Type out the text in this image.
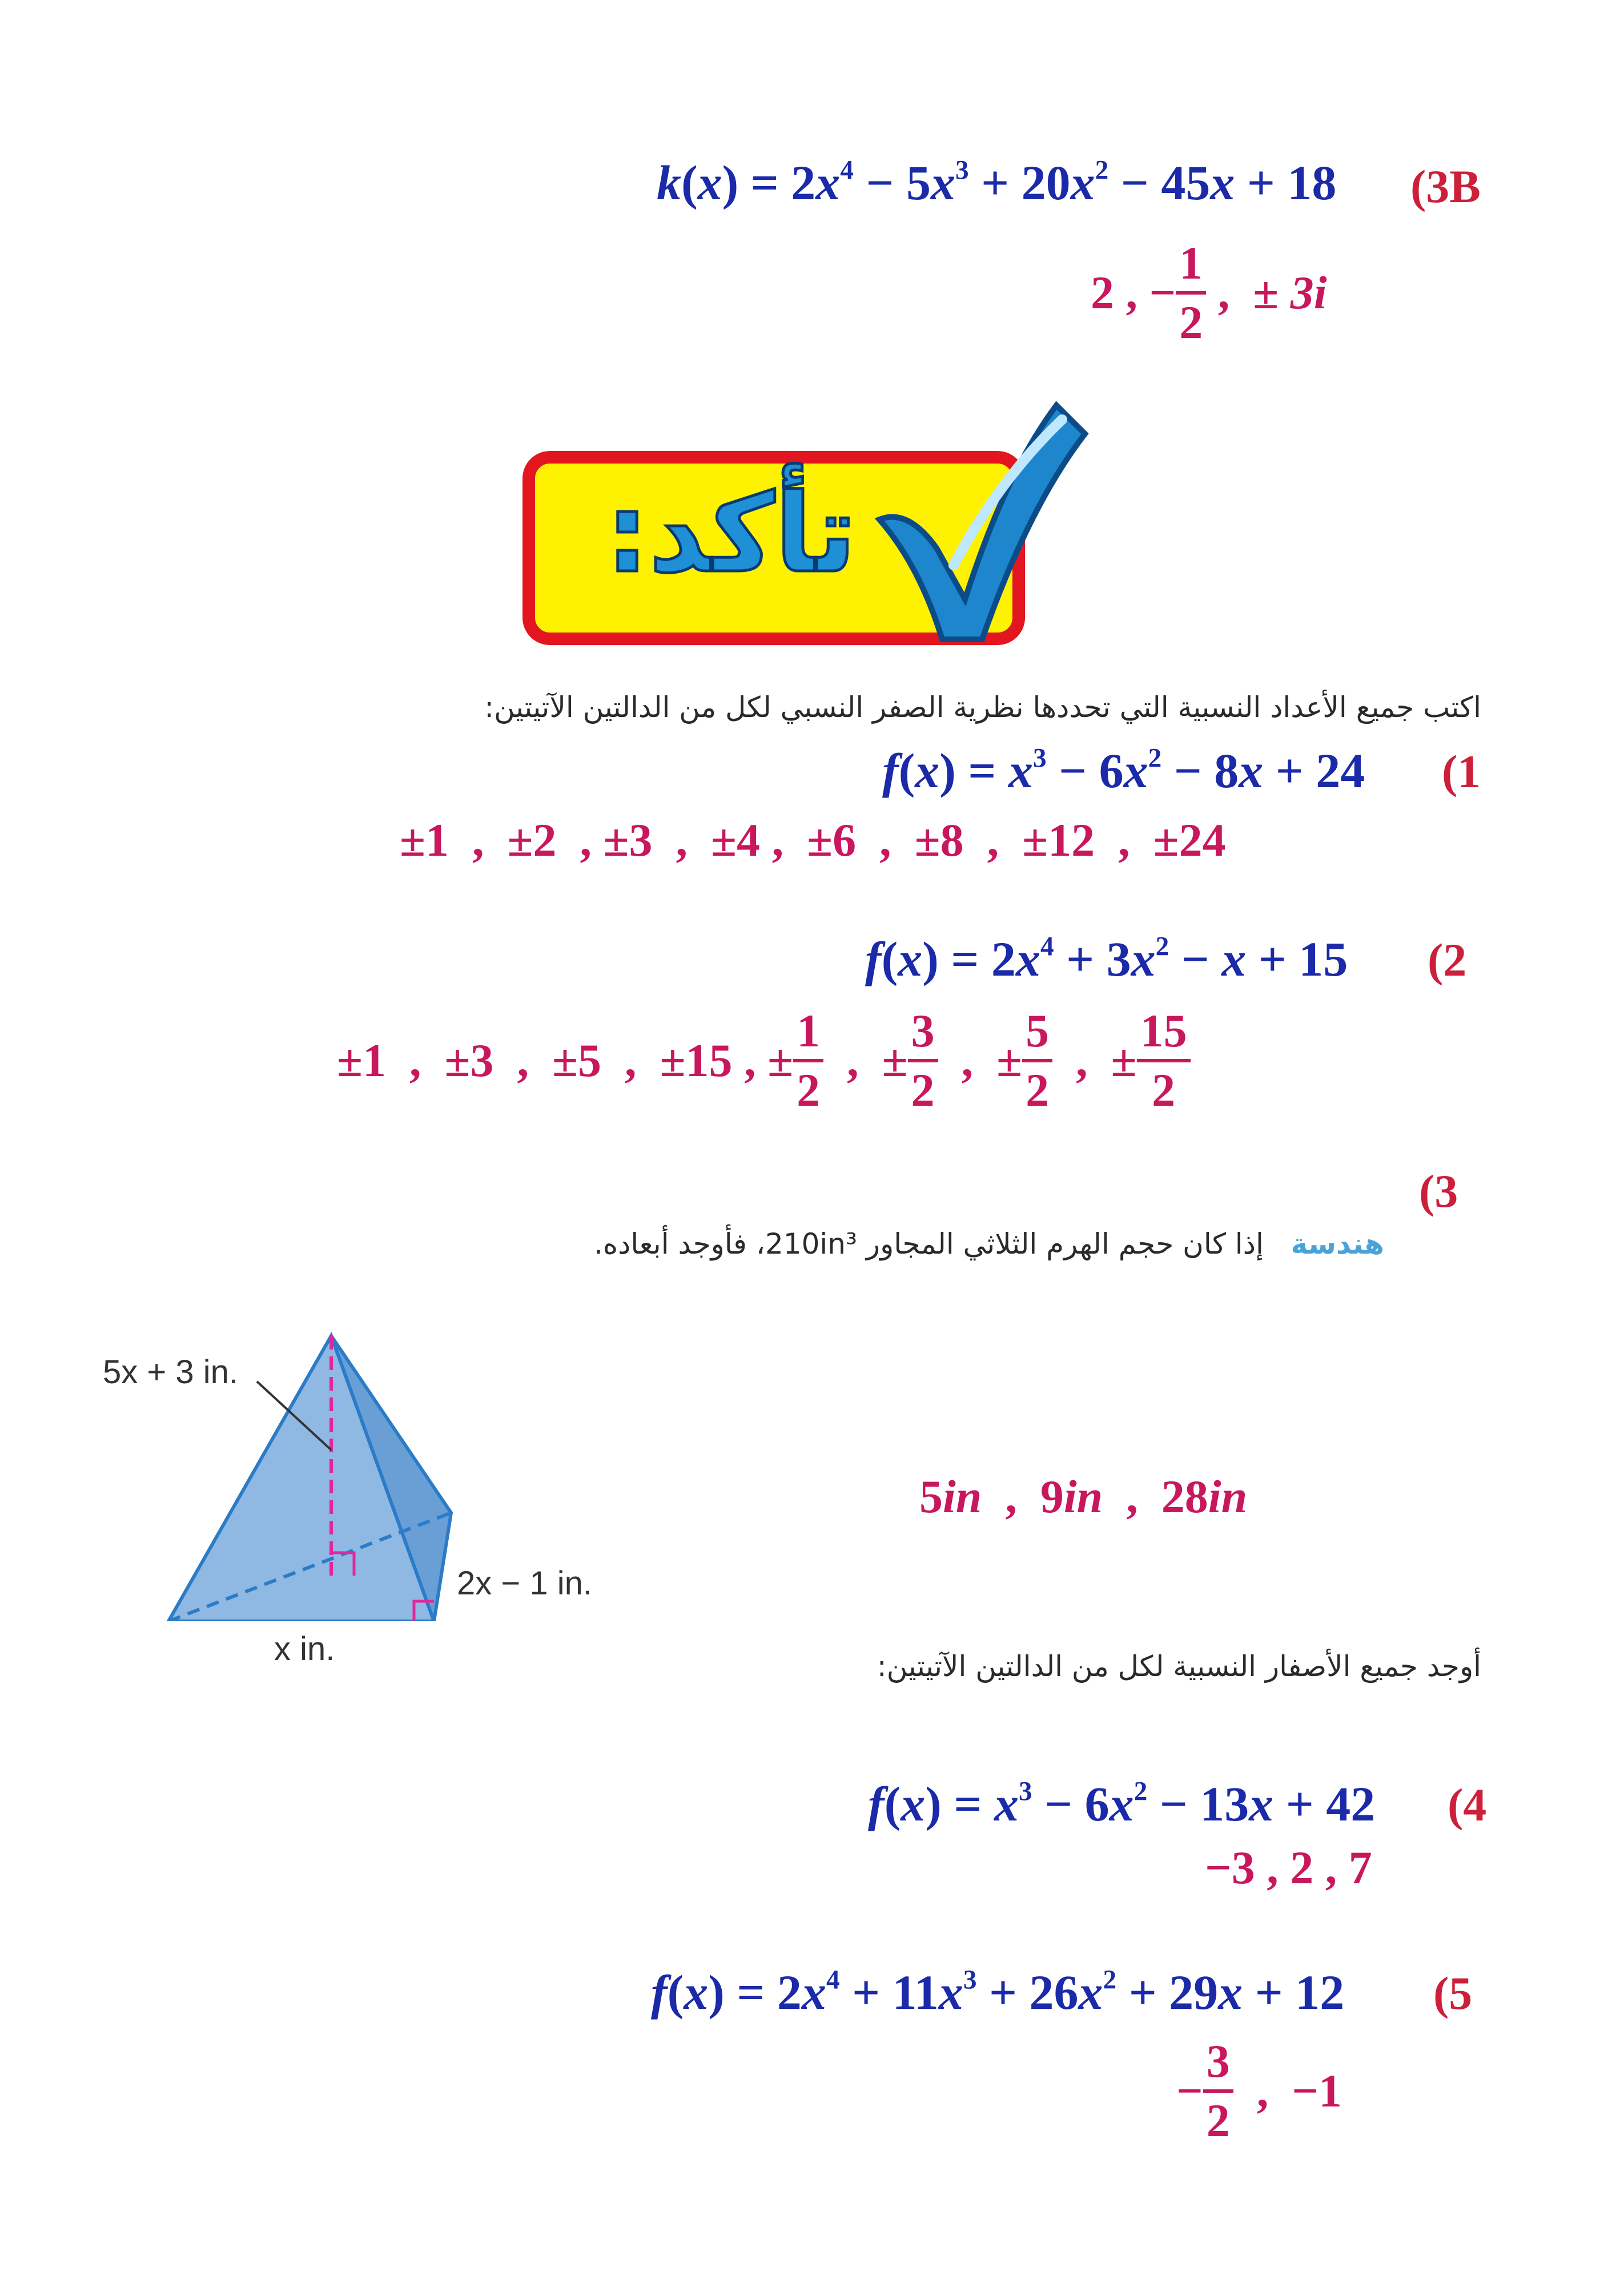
$k(x) = 2x^4 - 5x^3 + 20x^2 - 45x + 18$ (3B
2 , − $\frac{1}{2}$ ,  ± 3i
تأكد:
اكتب جميع الأعداد النسبية التي تحددها نظرية الصفر النسبي لكل من الدالتين الآتيتين:
$f(x) = x^3 - 6x^2 - 8x + 24$ (1
±1  ,  ±2  , ±3  ,  ±4 ,  ±6  ,  ±8  ,  ±12  ,  ±24
$f(x) = 2x^4 + 3x^2 - x + 15$ (2
±1 , ±3 , ±5 , ±15 , ± $\frac{1}{2}$ ,  ± $\frac{3}{2}$ ,  ± $\frac{5}{2}$ ,  ± $\frac{15}{2}$
(3
هندسة   إذا كان حجم الهرم الثلاثي المجاور 210in³، فأوجد أبعاده.
5x + 3 in.
2x − 1 in.
x in.
5in  ,  9in  ,  28in
أوجد جميع الأصفار النسبية لكل من الدالتين الآتيتين:
$f(x) = x^3 - 6x^2 - 13x + 42$ (4
−3 , 2 , 7
$f(x) = 2x^4 + 11x^3 + 26x^2 + 29x + 12$ (5
− $\frac{3}{2}$ , −1
